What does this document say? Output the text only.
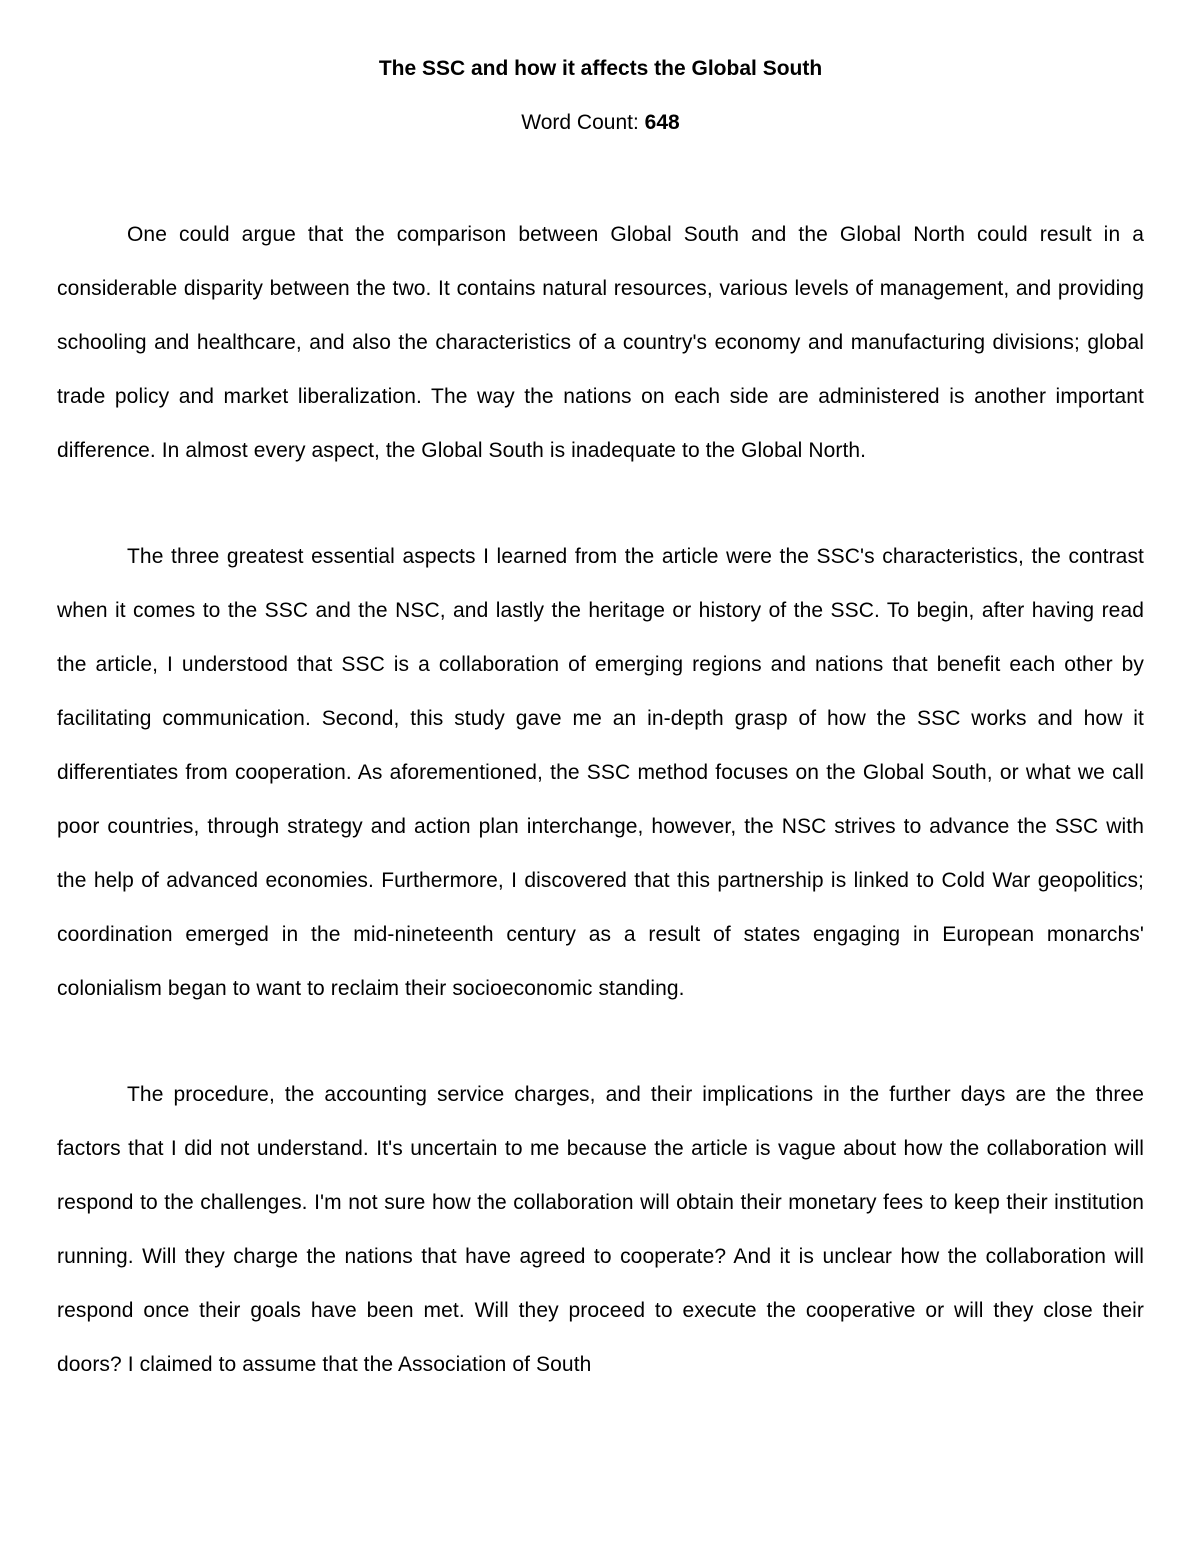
The SSC and how it affects the Global South

Word Count: 648

One could argue that the comparison between Global South and the Global North could result in a considerable disparity between the two. It contains natural resources, various levels of management, and providing schooling and healthcare, and also the characteristics of a country's economy and manufacturing divisions; global trade policy and market liberalization. The way the nations on each side are administered is another important difference. In almost every aspect, the Global South is inadequate to the Global North.

The three greatest essential aspects I learned from the article were the SSC's characteristics, the contrast when it comes to the SSC and the NSC, and lastly the heritage or history of the SSC. To begin, after having read the article, I understood that SSC is a collaboration of emerging regions and nations that benefit each other by facilitating communication. Second, this study gave me an in-depth grasp of how the SSC works and how it differentiates from cooperation. As aforementioned, the SSC method focuses on the Global South, or what we call poor countries, through strategy and action plan interchange, however, the NSC strives to advance the SSC with the help of advanced economies. Furthermore, I discovered that this partnership is linked to Cold War geopolitics; coordination emerged in the mid-nineteenth century as a result of states engaging in European monarchs' colonialism began to want to reclaim their socioeconomic standing.

The procedure, the accounting service charges, and their implications in the further days are the three factors that I did not understand. It's uncertain to me because the article is vague about how the collaboration will respond to the challenges. I'm not sure how the collaboration will obtain their monetary fees to keep their institution running. Will they charge the nations that have agreed to cooperate? And it is unclear how the collaboration will respond once their goals have been met. Will they proceed to execute the cooperative or will they close their doors? I claimed to assume that the Association of South
